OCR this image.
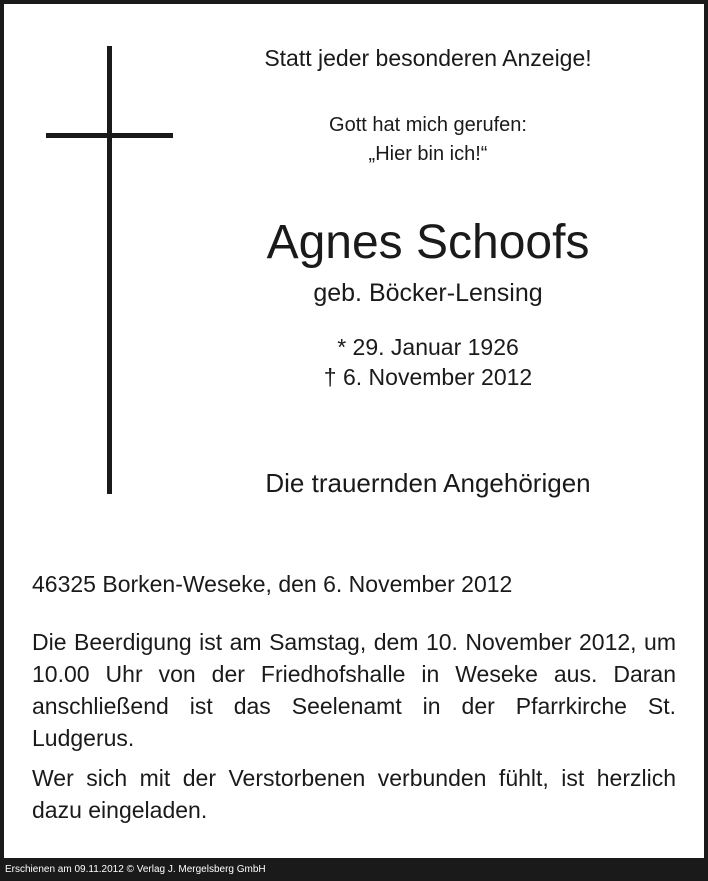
Statt jeder besonderen Anzeige!
Gott hat mich gerufen:
„Hier bin ich!“
Agnes Schoofs
geb. Böcker-Lensing
* 29. Januar 1926
† 6. November 2012
Die trauernden Angehörigen
46325 Borken-Weseke, den 6. November 2012
Die Beerdigung ist am Samstag, dem 10. November 2012, um 10.00 Uhr von der Friedhofshalle in Weseke aus. Daran anschließend ist das Seelenamt in der Pfarrkirche St. Ludgerus.
Wer sich mit der Verstorbenen verbunden fühlt, ist herzlich dazu eingeladen.
Erschienen am 09.11.2012 © Verlag J. Mergelsberg GmbH
